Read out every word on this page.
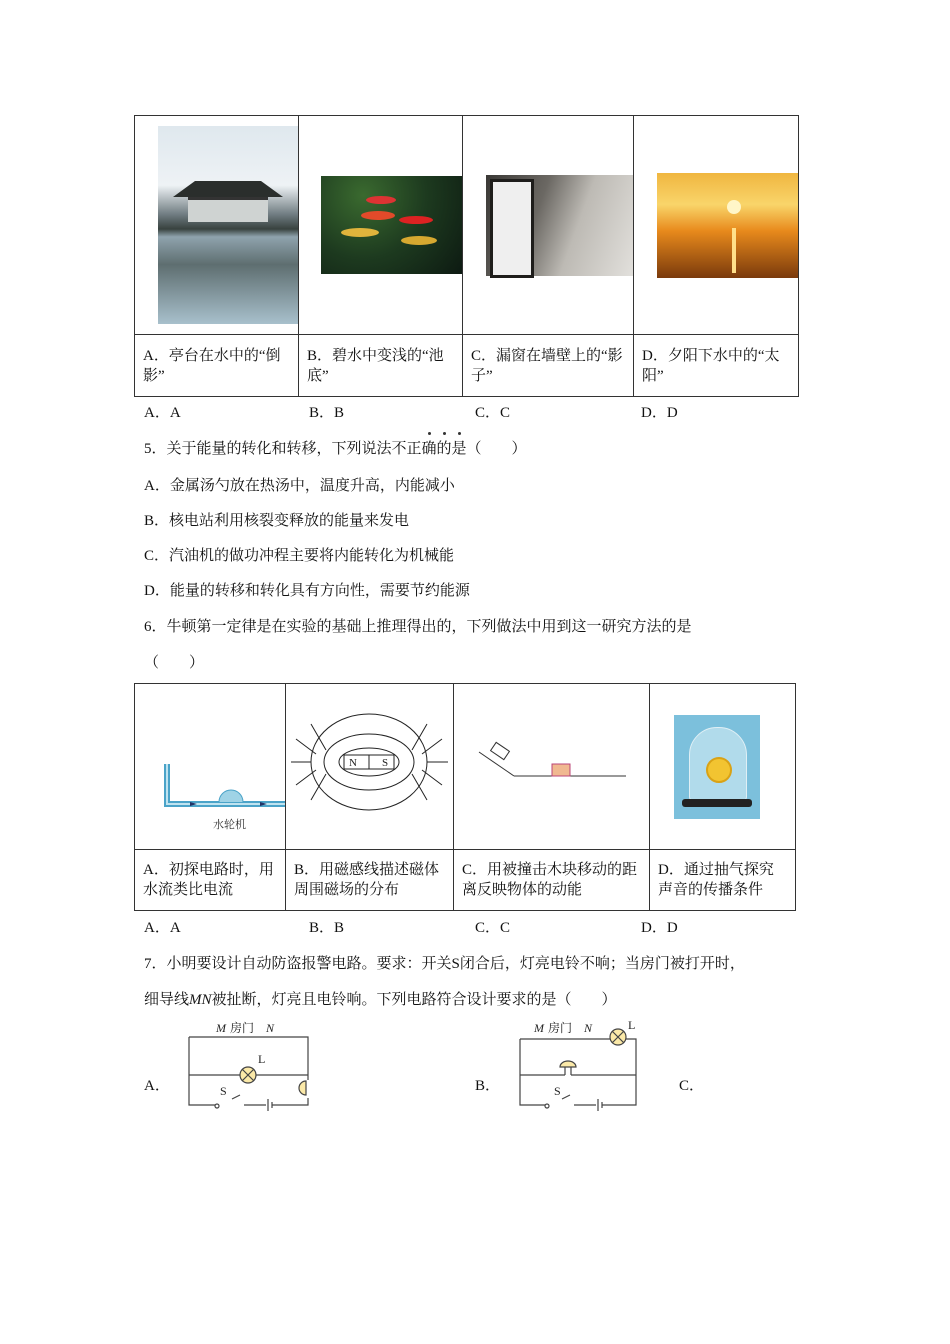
A．亭台在水中的“倒影”	B．碧水中变浅的“池底”	C．漏窗在墙壁上的“影子”	D．夕阳下水中的“太阳”
A．A	B．B	C．C	D．D
5．关于能量的转化和转移，下列说法不正确的是（　　）
A．金属汤勺放在热汤中，温度升高，内能减小
B．核电站利用核裂变释放的能量来发电
C．汽油机的做功冲程主要将内能转化为机械能
D．能量的转移和转化具有方向性，需要节约能源
6．牛顿第一定律是在实验的基础上推理得出的，下列做法中用到这一研究方法的是
（　　）
水轮机	N S

A．初探电路时，用水流类比电流	B．用磁感线描述磁体周围磁场的分布	C．用被撞击木块移动的距离反映物体的动能	D．通过抽气探究声音的传播条件
A．A	B．B	C．C	D．D
7．小明要设计自动防盗报警电路。要求：开关S闭合后，灯亮电铃不响；当房门被打开时，
细导线MN被扯断，灯亮且电铃响。下列电路符合设计要求的是（　　）
A．	B．	C．
M 房门 N
L
S
M 房门 N	L
S
